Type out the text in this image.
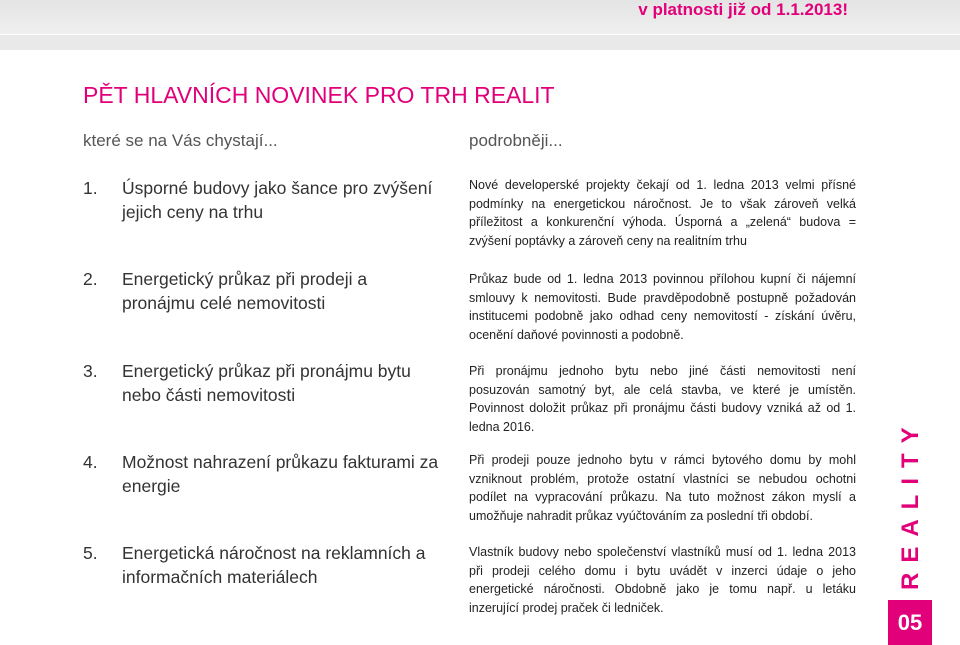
v platnosti již od 1.1.2013!
PĚT HLAVNÍCH NOVINEK PRO TRH REALIT
které se na Vás chystají...	podrobněji...
1. Úsporné budovy jako šance pro zvýšení jejich ceny na trhu
Nové developerské projekty čekají od 1. ledna 2013 velmi přísné podmínky na energetickou náročnost. Je to však zároveň velká příležitost a konkurenční výhoda. Úsporná a „zelená“ budova = zvýšení poptávky a zároveň ceny na realitním trhu
2. Energetický průkaz při prodeji a pronájmu celé nemovitosti
Průkaz bude od 1. ledna 2013 povinnou přílohou kupní či nájemní smlouvy k nemovitosti. Bude pravděpodobně postupně požadován institucemi podobně jako odhad ceny nemovitostí - získání úvěru, ocenění daňové povinnosti a podobně.
3. Energetický průkaz při pronájmu bytu nebo části nemovitosti
Při pronájmu jednoho bytu nebo jiné části nemovitosti není posuzován samotný byt, ale celá stavba, ve které je umístěn. Povinnost doložit průkaz při pronájmu části budovy vzniká až od 1. ledna 2016.
4. Možnost nahrazení průkazu fakturami za energie
Při prodeji pouze jednoho bytu v rámci bytového domu by mohl vzniknout problém, protože ostatní vlastníci se nebudou ochotni podílet na vypracování průkazu. Na tuto možnost zákon myslí a umožňuje nahradit průkaz vyúčtováním za poslední tři období.
5. Energetická náročnost na reklamních a informačních materiálech
Vlastník budovy nebo společenství vlastníků musí od 1. ledna 2013 při prodeji celého domu i bytu uvádět v inzerci údaje o jeho energetické náročnosti. Obdobně jako je tomu např. u letáku inzerující prodej praček či ledniček.
REALITY
05
